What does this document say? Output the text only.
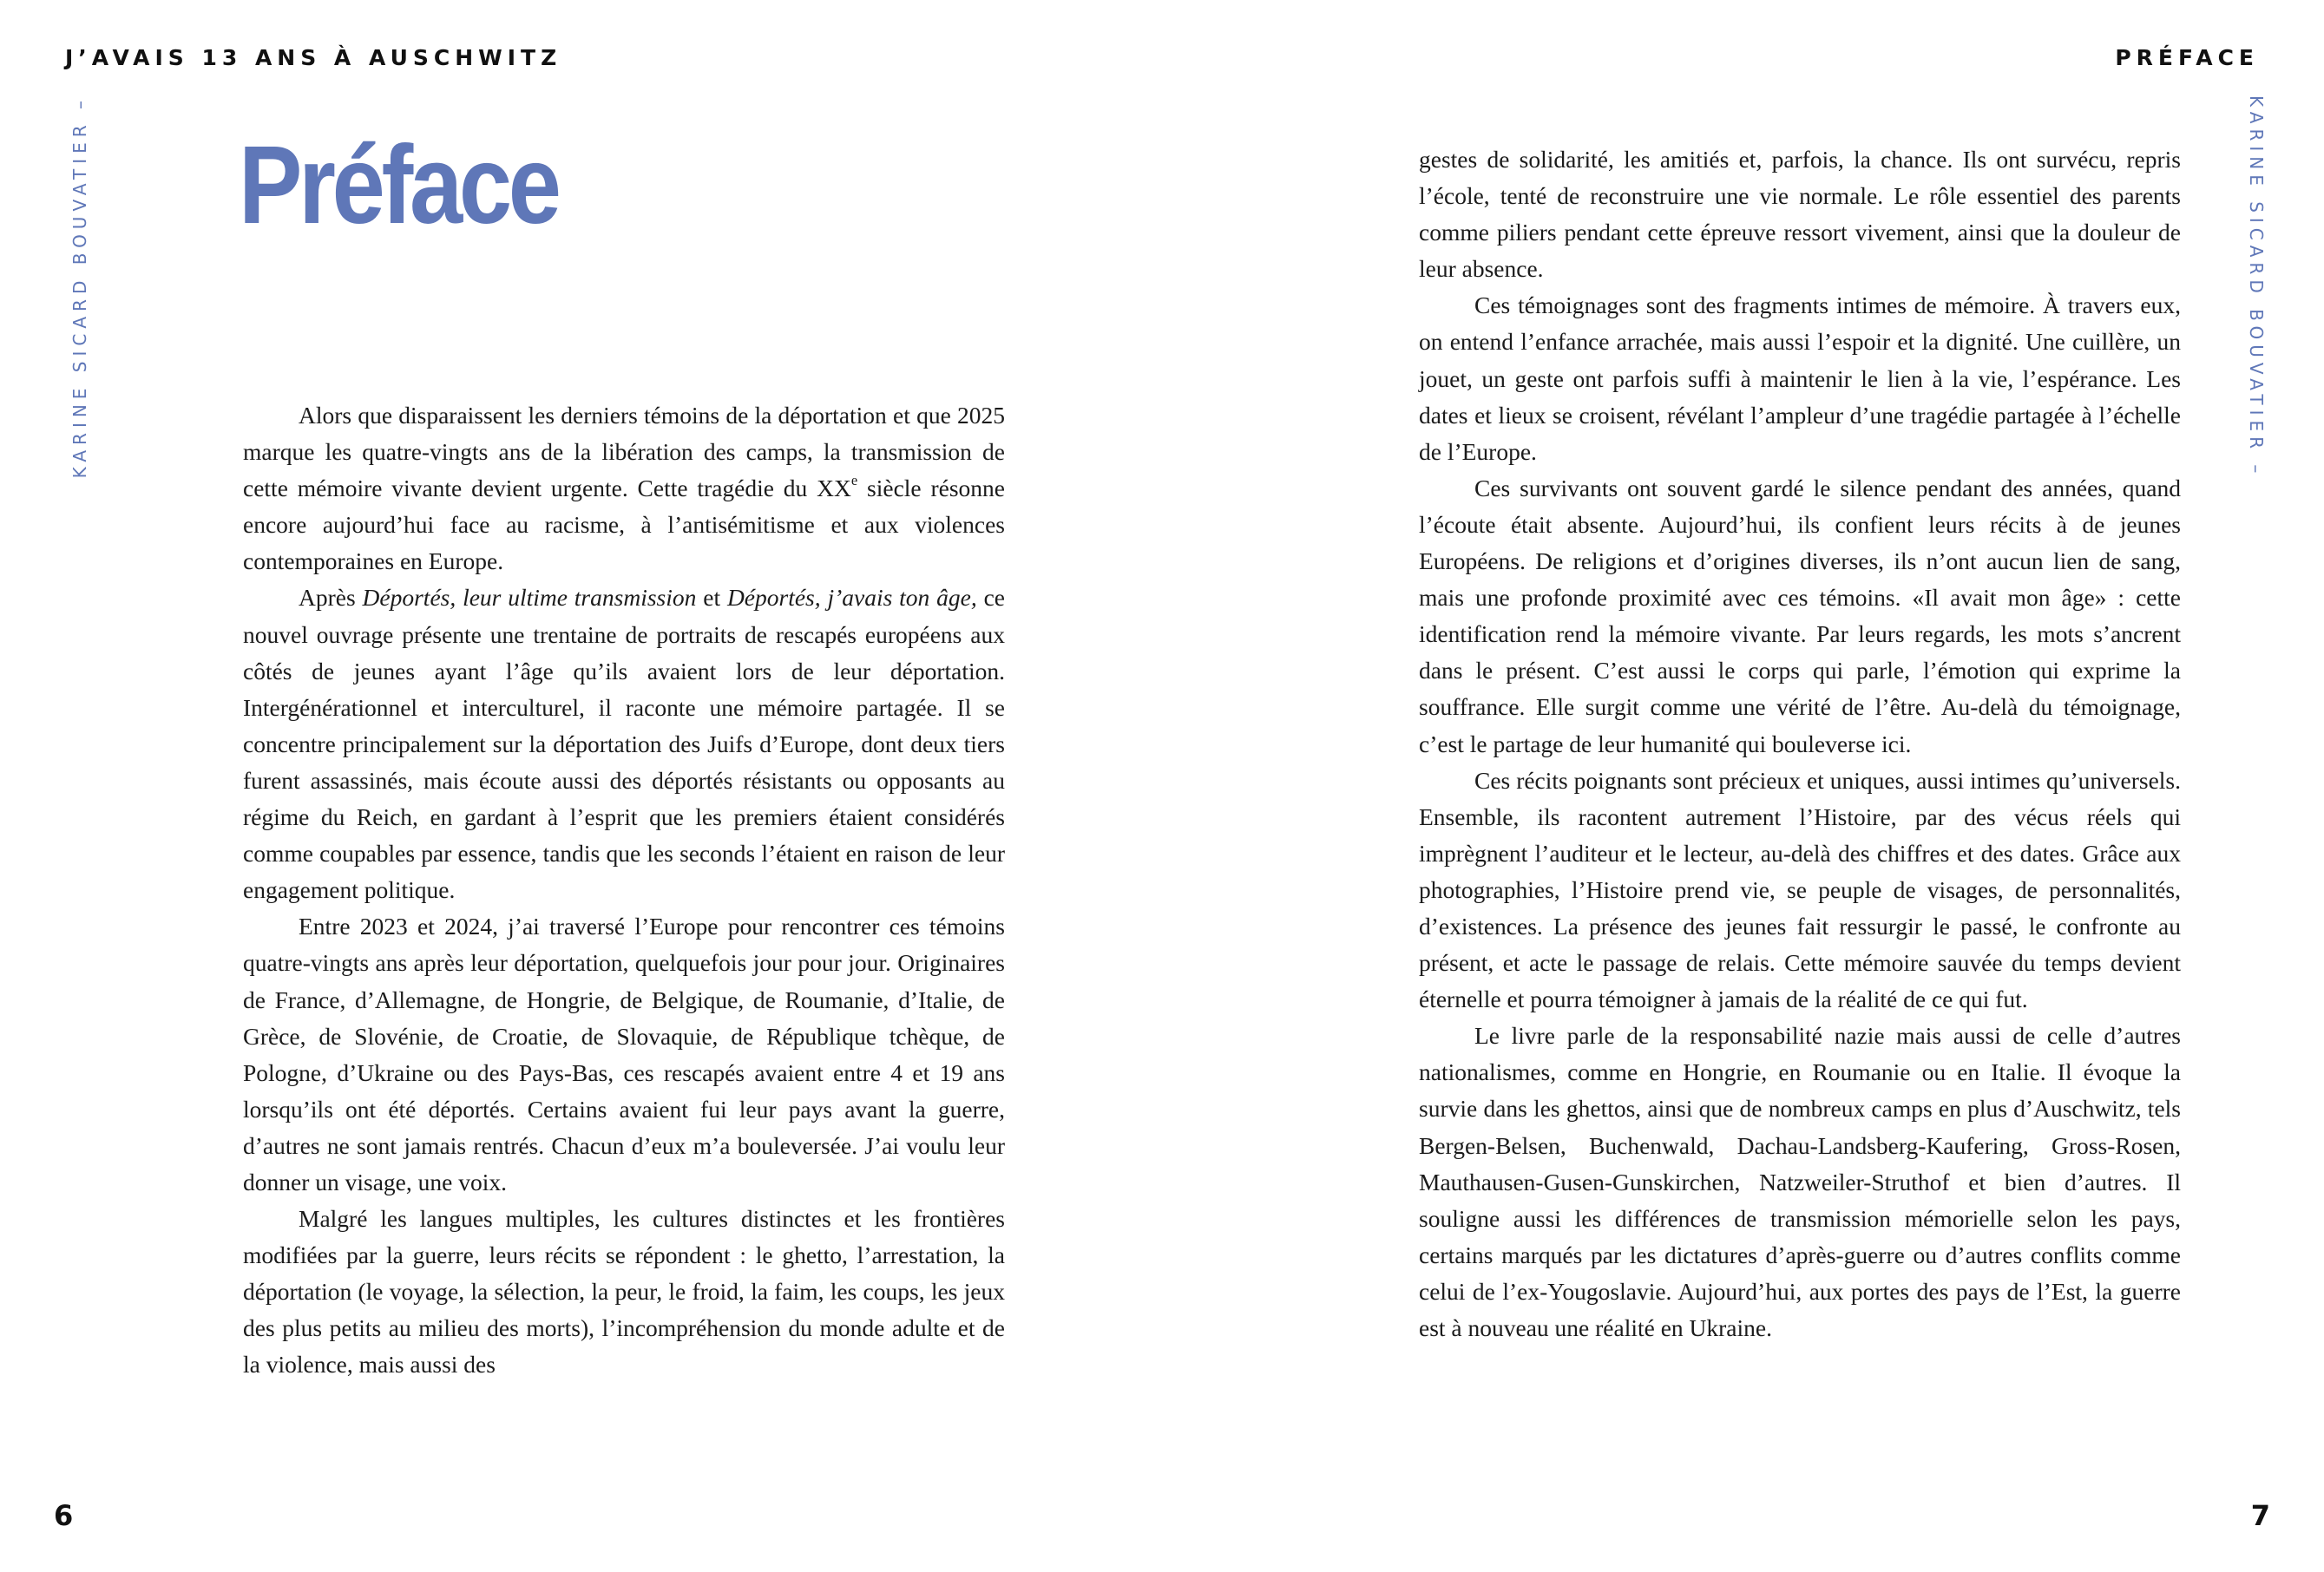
J’AVAIS 13 ANS À AUSCHWITZ
KARINE SICARD BOUVATIER – Préface

Alors que disparaissent les derniers témoins de la déportation et que 2025 marque les quatre-vingts ans de la libération des camps, la transmission de cette mémoire vivante devient urgente. Cette tragédie du XXe siècle résonne encore aujourd’hui face au racisme, à l’antisémitisme et aux violences contemporaines en Europe.

Après Déportés, leur ultime transmission et Déportés, j’avais ton âge, ce nouvel ouvrage présente une trentaine de portraits de rescapés européens aux côtés de jeunes ayant l’âge qu’ils avaient lors de leur déportation. Intergénérationnel et interculturel, il raconte une mémoire partagée. Il se concentre principalement sur la déportation des Juifs d’Europe, dont deux tiers furent assassinés, mais écoute aussi des déportés résistants ou opposants au régime du Reich, en gardant à l’esprit que les premiers étaient considérés comme coupables par essence, tandis que les seconds l’étaient en raison de leur engagement politique.

Entre 2023 et 2024, j’ai traversé l’Europe pour rencontrer ces témoins quatre-vingts ans après leur déportation, quelquefois jour pour jour. Originaires de France, d’Allemagne, de Hongrie, de Belgique, de Roumanie, d’Italie, de Grèce, de Slovénie, de Croatie, de Slovaquie, de République tchèque, de Pologne, d’Ukraine ou des Pays-Bas, ces rescapés avaient entre 4 et 19 ans lorsqu’ils ont été déportés. Certains avaient fui leur pays avant la guerre, d’autres ne sont jamais rentrés. Chacun d’eux m’a bouleversée. J’ai voulu leur donner un visage, une voix.

Malgré les langues multiples, les cultures distinctes et les frontières modifiées par la guerre, leurs récits se répondent : le ghetto, l’arrestation, la déportation (le voyage, la sélection, la peur, le froid, la faim, les coups, les jeux des plus petits au milieu des morts), l’incompréhension du monde adulte et de la violence, mais aussi des

6
PRÉFACE
KARINE SICARD BOUVATIER –

gestes de solidarité, les amitiés et, parfois, la chance. Ils ont survécu, repris l’école, tenté de reconstruire une vie normale. Le rôle essentiel des parents comme piliers pendant cette épreuve ressort vivement, ainsi que la douleur de leur absence.

Ces témoignages sont des fragments intimes de mémoire. À travers eux, on entend l’enfance arrachée, mais aussi l’espoir et la dignité. Une cuillère, un jouet, un geste ont parfois suffi à maintenir le lien à la vie, l’espérance. Les dates et lieux se croisent, révélant l’ampleur d’une tragédie partagée à l’échelle de l’Europe.

Ces survivants ont souvent gardé le silence pendant des années, quand l’écoute était absente. Aujourd’hui, ils confient leurs récits à de jeunes Européens. De religions et d’origines diverses, ils n’ont aucun lien de sang, mais une profonde proximité avec ces témoins. «Il avait mon âge» : cette identification rend la mémoire vivante. Par leurs regards, les mots s’ancrent dans le présent. C’est aussi le corps qui parle, l’émotion qui exprime la souffrance. Elle surgit comme une vérité de l’être. Au-delà du témoignage, c’est le partage de leur humanité qui bouleverse ici.

Ces récits poignants sont précieux et uniques, aussi intimes qu’universels. Ensemble, ils racontent autrement l’Histoire, par des vécus réels qui imprègnent l’auditeur et le lecteur, au-delà des chiffres et des dates. Grâce aux photographies, l’Histoire prend vie, se peuple de visages, de personnalités, d’existences. La présence des jeunes fait ressurgir le passé, le confronte au présent, et acte le passage de relais. Cette mémoire sauvée du temps devient éternelle et pourra témoigner à jamais de la réalité de ce qui fut.

Le livre parle de la responsabilité nazie mais aussi de celle d’autres nationalismes, comme en Hongrie, en Roumanie ou en Italie. Il évoque la survie dans les ghettos, ainsi que de nombreux camps en plus d’Auschwitz, tels Bergen-Belsen, Buchenwald, Dachau-Landsberg-Kaufering, Gross-Rosen, Mauthausen-Gusen-Gunskirchen, Natzweiler-Struthof et bien d’autres. Il souligne aussi les différences de transmission mémorielle selon les pays, certains marqués par les dictatures d’après-guerre ou d’autres conflits comme celui de l’ex-Yougoslavie. Aujourd’hui, aux portes des pays de l’Est, la guerre est à nouveau une réalité en Ukraine.

7
